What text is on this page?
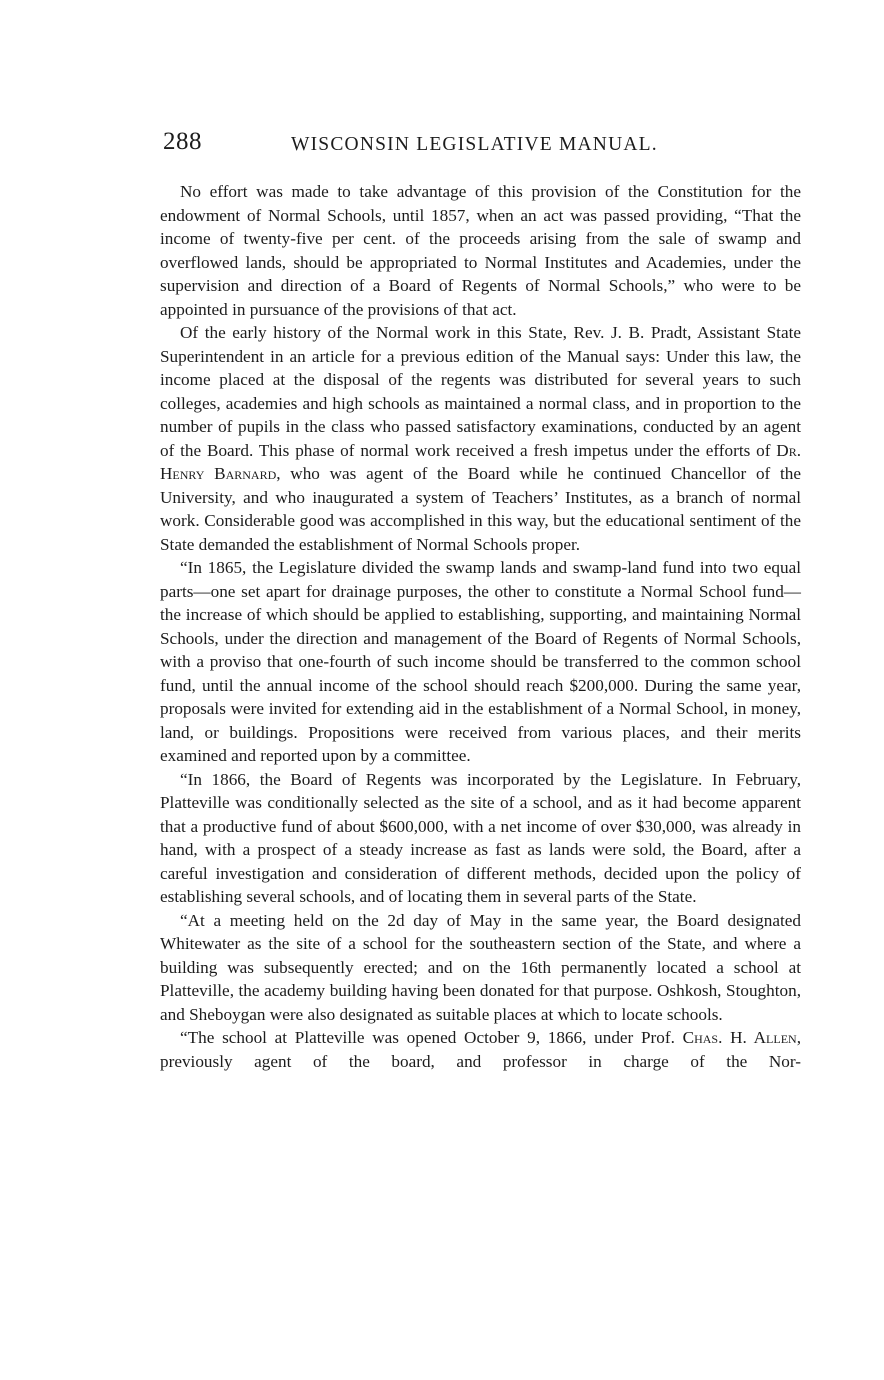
288	WISCONSIN LEGISLATIVE MANUAL.

No effort was made to take advantage of this provision of the Constitution for the endowment of Normal Schools, until 1857, when an act was passed providing, “That the income of twenty-five per cent. of the proceeds arising from the sale of swamp and overflowed lands, should be appropriated to Normal Institutes and Academies, under the supervision and direction of a Board of Regents of Normal Schools,” who were to be appointed in pursuance of the provisions of that act.

Of the early history of the Normal work in this State, Rev. J. B. Pradt, Assistant State Superintendent in an article for a previous edition of the Manual says: Under this law, the income placed at the disposal of the regents was distributed for several years to such colleges, academies and high schools as maintained a normal class, and in proportion to the number of pupils in the class who passed satisfactory examinations, conducted by an agent of the Board. This phase of normal work received a fresh impetus under the efforts of Dr. Henry Barnard, who was agent of the Board while he continued Chancellor of the University, and who inaugurated a system of Teachers’ Institutes, as a branch of normal work. Considerable good was accomplished in this way, but the educational sentiment of the State demanded the establishment of Normal Schools proper.

“In 1865, the Legislature divided the swamp lands and swamp-land fund into two equal parts—one set apart for drainage purposes, the other to constitute a Normal School fund—the increase of which should be applied to establishing, supporting, and maintaining Normal Schools, under the direction and management of the Board of Regents of Normal Schools, with a proviso that one-fourth of such income should be transferred to the common school fund, until the annual income of the school should reach $200,000. During the same year, proposals were invited for extending aid in the establishment of a Normal School, in money, land, or buildings. Propositions were received from various places, and their merits examined and reported upon by a committee.

“In 1866, the Board of Regents was incorporated by the Legislature. In February, Platteville was conditionally selected as the site of a school, and as it had become apparent that a productive fund of about $600,000, with a net income of over $30,000, was already in hand, with a prospect of a steady increase as fast as lands were sold, the Board, after a careful investigation and consideration of different methods, decided upon the policy of establishing several schools, and of locating them in several parts of the State.

“At a meeting held on the 2d day of May in the same year, the Board designated Whitewater as the site of a school for the southeastern section of the State, and where a building was subsequently erected; and on the 16th permanently located a school at Platteville, the academy building having been donated for that purpose. Oshkosh, Stoughton, and Sheboygan were also designated as suitable places at which to locate schools.

“The school at Platteville was opened October 9, 1866, under Prof. Chas. H. Allen, previously agent of the board, and professor in charge of the Nor-
